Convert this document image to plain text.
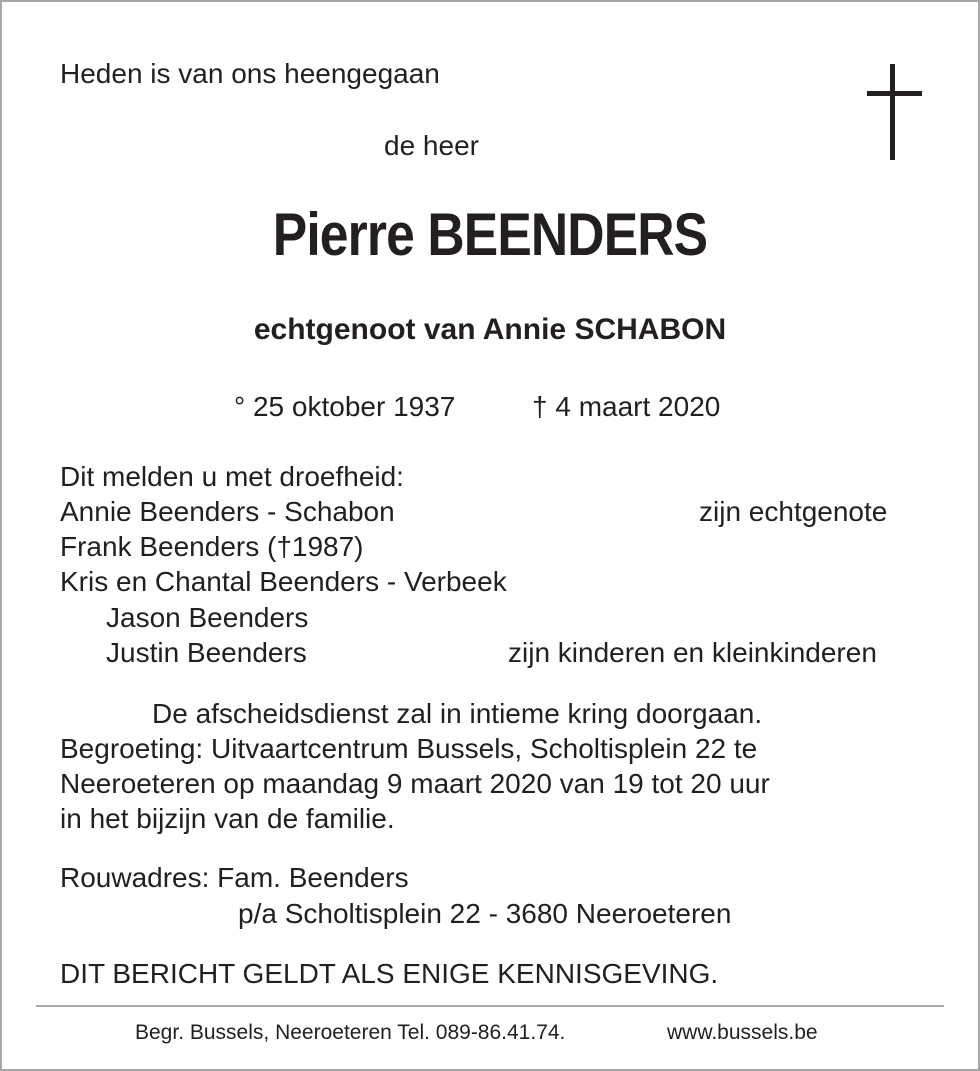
Heden is van ons heengegaan
de heer
Pierre BEENDERS
echtgenoot van Annie SCHABON
° 25 oktober 1937	† 4 maart 2020
Dit melden u met droefheid:
Annie Beenders - Schabon	zijn echtgenote
Frank Beenders (†1987)
Kris en Chantal Beenders - Verbeek
Jason Beenders
Justin Beenders	zijn kinderen en kleinkinderen
De afscheidsdienst zal in intieme kring doorgaan.
Begroeting: Uitvaartcentrum Bussels, Scholtisplein 22 te
Neeroeteren op maandag 9 maart 2020 van 19 tot 20 uur
in het bijzijn van de familie.
Rouwadres: Fam. Beenders
p/a Scholtisplein 22 - 3680 Neeroeteren
DIT BERICHT GELDT ALS ENIGE KENNISGEVING.
Begr. Bussels, Neeroeteren Tel. 089-86.41.74.	www.bussels.be
